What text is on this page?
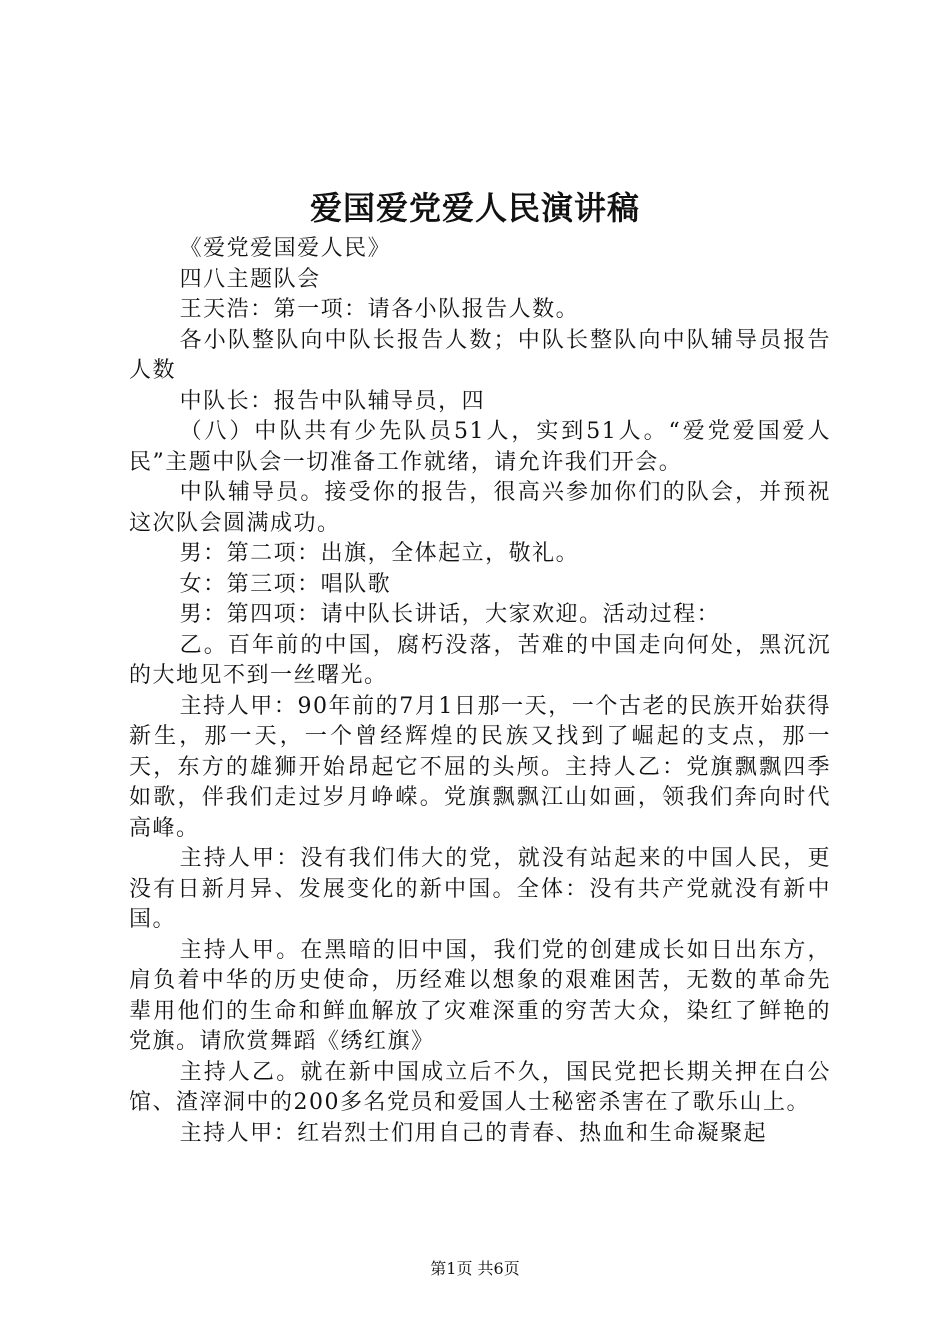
爱国爱党爱人民演讲稿

《爱党爱国爱人民》

四八主题队会

王天浩：第一项：请各小队报告人数。

各小队整队向中队长报告人数；中队长整队向中队辅导员报告人数

中队长：报告中队辅导员，四

（八）中队共有少先队员51人，实到51人。“爱党爱国爱人民”主题中队会一切准备工作就绪，请允许我们开会。

中队辅导员。接受你的报告，很高兴参加你们的队会，并预祝这次队会圆满成功。

男：第二项：出旗，全体起立，敬礼。

女：第三项：唱队歌

男：第四项：请中队长讲话，大家欢迎。活动过程：

乙。百年前的中国，腐朽没落，苦难的中国走向何处，黑沉沉的大地见不到一丝曙光。

主持人甲：90年前的7月1日那一天，一个古老的民族开始获得新生，那一天，一个曾经辉煌的民族又找到了崛起的支点，那一天，东方的雄狮开始昂起它不屈的头颅。主持人乙：党旗飘飘四季如歌，伴我们走过岁月峥嵘。党旗飘飘江山如画，领我们奔向时代高峰。

主持人甲：没有我们伟大的党，就没有站起来的中国人民，更没有日新月异、发展变化的新中国。全体：没有共产党就没有新中国。

主持人甲。在黑暗的旧中国，我们党的创建成长如日出东方，肩负着中华的历史使命，历经难以想象的艰难困苦，无数的革命先辈用他们的生命和鲜血解放了灾难深重的穷苦大众，染红了鲜艳的党旗。请欣赏舞蹈《绣红旗》

主持人乙。就在新中国成立后不久，国民党把长期关押在白公馆、渣滓洞中的200多名党员和爱国人士秘密杀害在了歌乐山上。

主持人甲：红岩烈士们用自己的青春、热血和生命凝聚起

第1页 共6页
